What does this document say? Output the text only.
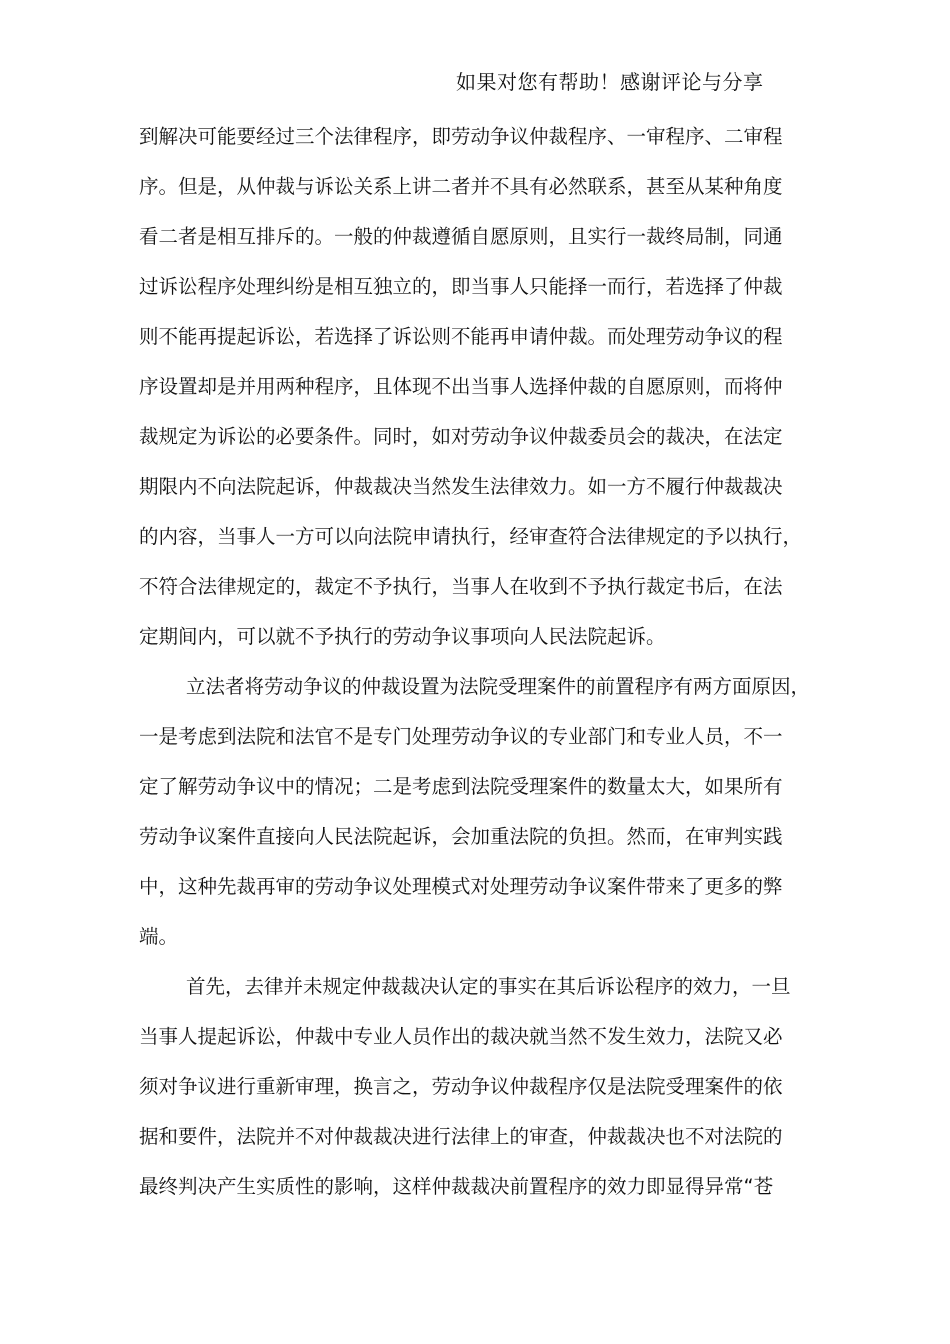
如果对您有帮助！感谢评论与分享
到解决可能要经过三个法律程序，即劳动争议仲裁程序、一审程序、二审程
序。但是，从仲裁与诉讼关系上讲二者并不具有必然联系，甚至从某种角度
看二者是相互排斥的。一般的仲裁遵循自愿原则，且实行一裁终局制，同通
过诉讼程序处理纠纷是相互独立的，即当事人只能择一而行，若选择了仲裁
则不能再提起诉讼，若选择了诉讼则不能再申请仲裁。而处理劳动争议的程
序设置却是并用两种程序，且体现不出当事人选择仲裁的自愿原则，而将仲
裁规定为诉讼的必要条件。同时，如对劳动争议仲裁委员会的裁决，在法定
期限内不向法院起诉，仲裁裁决当然发生法律效力。如一方不履行仲裁裁决
的内容，当事人一方可以向法院申请执行，经审查符合法律规定的予以执行，
不符合法律规定的，裁定不予执行，当事人在收到不予执行裁定书后，在法
定期间内，可以就不予执行的劳动争议事项向人民法院起诉。
立法者将劳动争议的仲裁设置为法院受理案件的前置程序有两方面原因，
一是考虑到法院和法官不是专门处理劳动争议的专业部门和专业人员，不一
定了解劳动争议中的情况；二是考虑到法院受理案件的数量太大，如果所有
劳动争议案件直接向人民法院起诉，会加重法院的负担。然而，在审判实践
中，这种先裁再审的劳动争议处理模式对处理劳动争议案件带来了更多的弊
端。
首先，去律并未规定仲裁裁决认定的事实在其后诉讼程序的效力，一旦
当事人提起诉讼，仲裁中专业人员作出的裁决就当然不发生效力，法院又必
须对争议进行重新审理，换言之，劳动争议仲裁程序仅是法院受理案件的依
据和要件，法院并不对仲裁裁决进行法律上的审查，仲裁裁决也不对法院的
最终判决产生实质性的影响，这样仲裁裁决前置程序的效力即显得异常“苍
